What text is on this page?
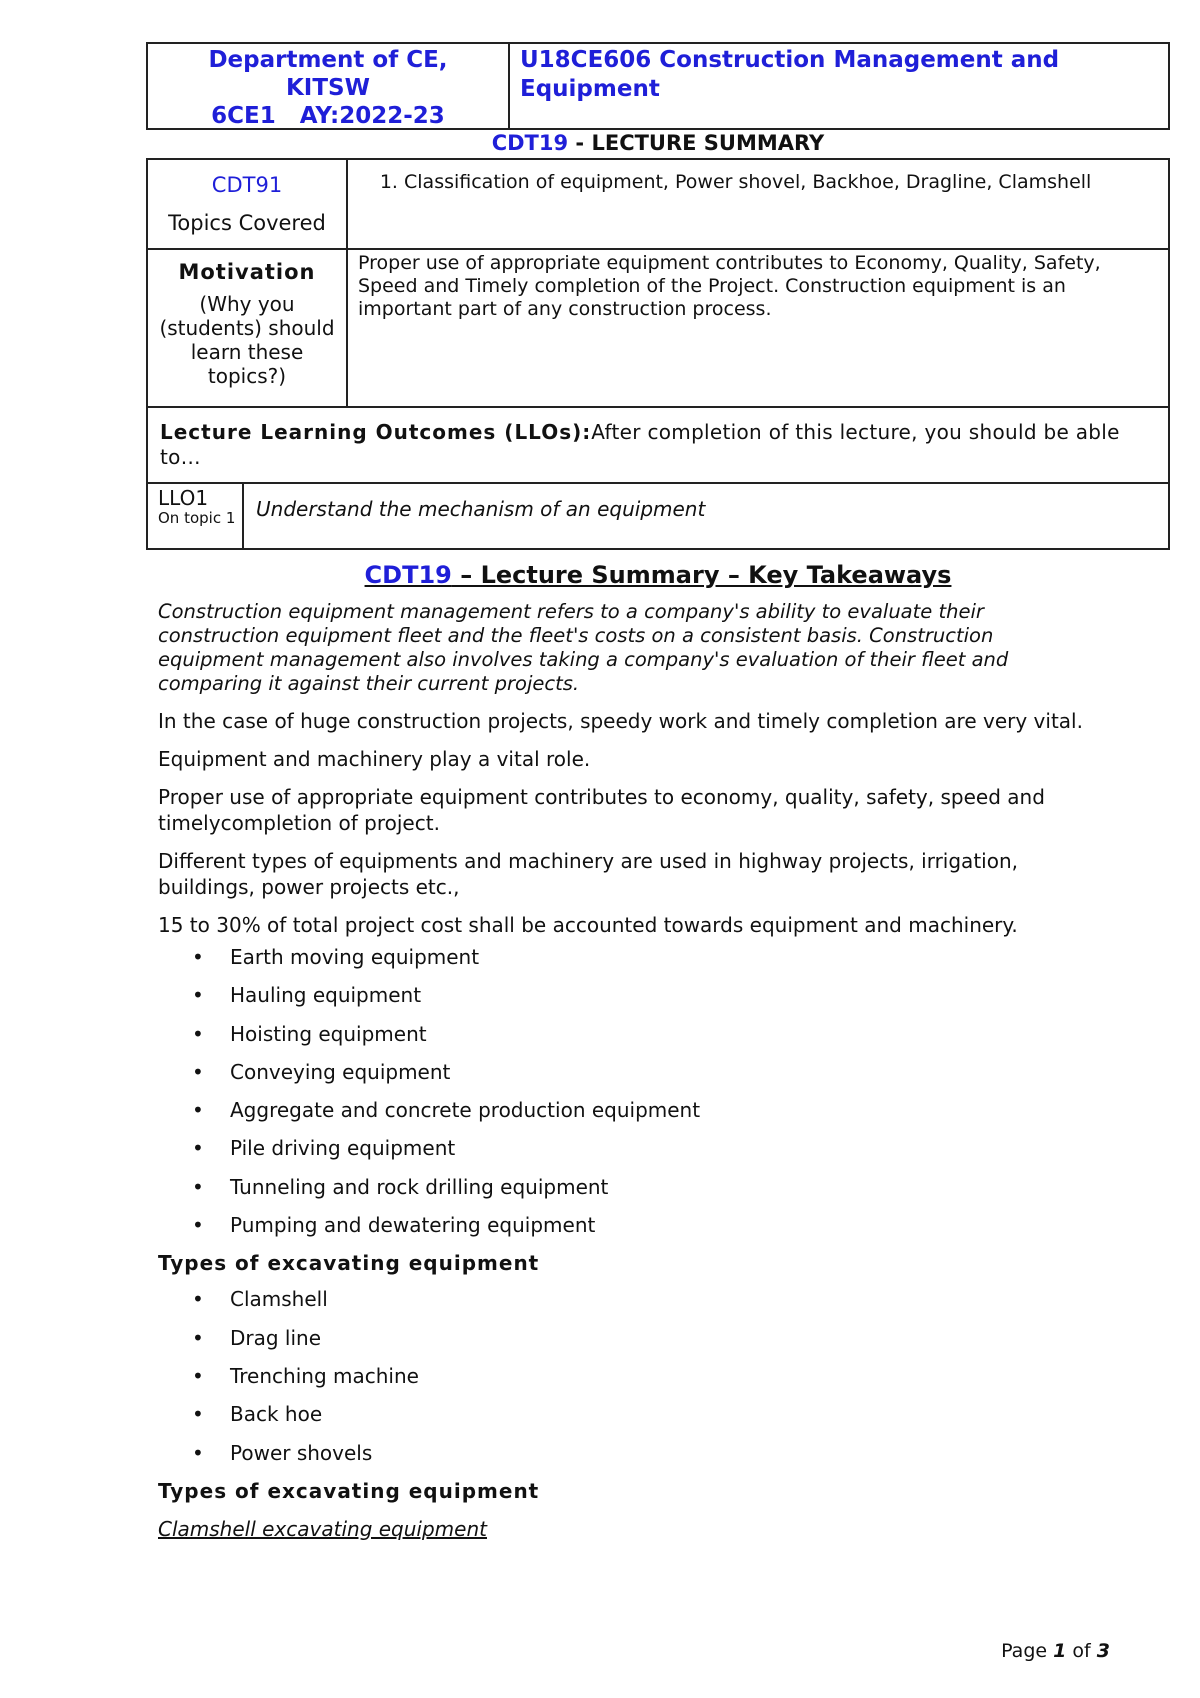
Department of CE,
KITSW
6CE1   AY:2022-23
U18CE606 Construction Management and Equipment
CDT19 - LECTURE SUMMARY
CDT91
Topics Covered
1. Classification of equipment, Power shovel, Backhoe, Dragline, Clamshell
Motivation
(Why you (students) should learn these topics?)
Proper use of appropriate equipment contributes to Economy, Quality, Safety, Speed and Timely completion of the Project. Construction equipment is an important part of any construction process.
Lecture Learning Outcomes (LLOs):After completion of this lecture, you should be able to…
LLO1
On topic 1	Understand the mechanism of an equipment
CDT19 – Lecture Summary – Key Takeaways

Construction equipment management refers to a company's ability to evaluate their construction equipment fleet and the fleet's costs on a consistent basis. Construction equipment management also involves taking a company's evaluation of their fleet and comparing it against their current projects.

In the case of huge construction projects, speedy work and timely completion are very vital.

Equipment and machinery play a vital role.

Proper use of appropriate equipment contributes to economy, quality, safety, speed and timelycompletion of project.

Different types of equipments and machinery are used in highway projects, irrigation, buildings, power projects etc.,

15 to 30% of total project cost shall be accounted towards equipment and machinery.

• Earth moving equipment
• Hauling equipment
• Hoisting equipment
• Conveying equipment
• Aggregate and concrete production equipment
• Pile driving equipment
• Tunneling and rock drilling equipment
• Pumping and dewatering equipment

Types of excavating equipment

• Clamshell
• Drag line
• Trenching machine
• Back hoe
• Power shovels

Types of excavating equipment

Clamshell excavating equipment

Page 1 of 3
